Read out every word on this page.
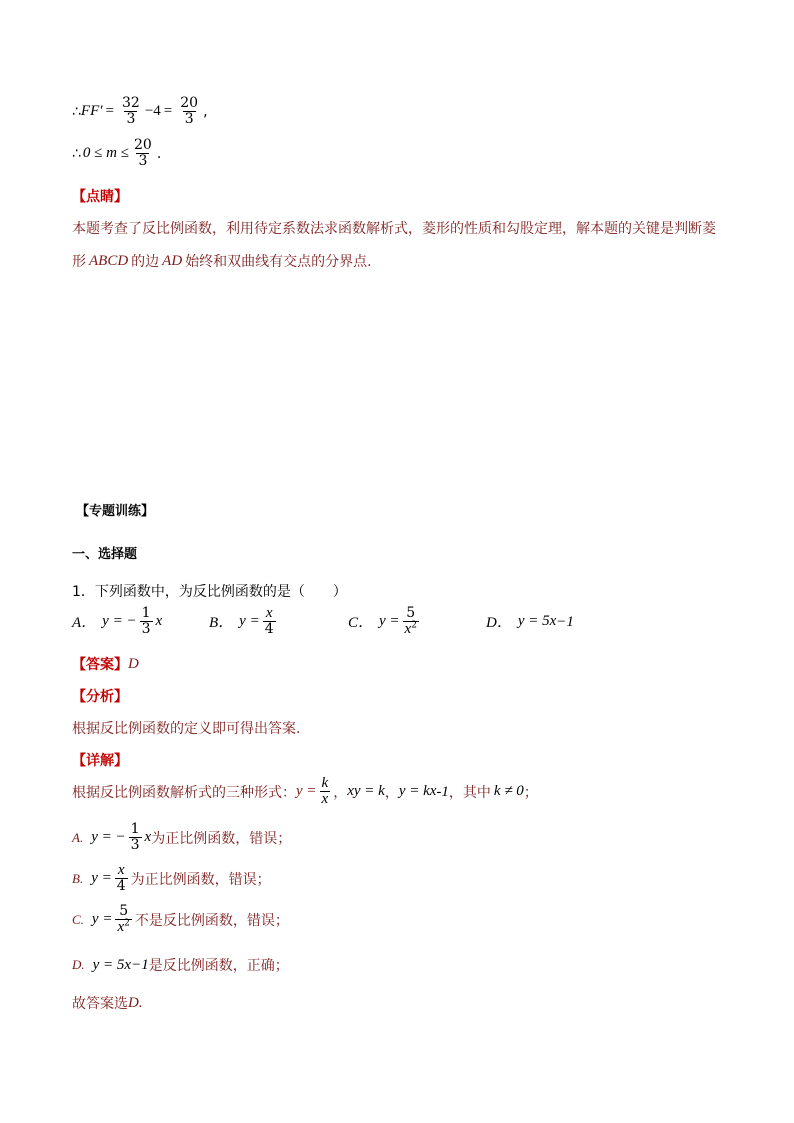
∴ $FF' = \frac{32}{3} -4 = \frac{20}{3}$ ,
∴ $0 \le m \le \frac{20}{3}$ .
【点睛】
本题考查了反比例函数，利用待定系数法求函数解析式，菱形的性质和勾股定理，解本题的关键是判断菱
形 ABCD 的边 AD 始终和双曲线有交点的分界点.
【专题训练】
一、选择题
1．下列函数中，为反比例函数的是（　　）
A． y = − $\frac{1}{3}$ x	B． $y = \frac{x}{4}$	C． $y = \frac{5}{x^2}$	D． y = 5x −1
【答案】 D
【分析】
根据反比例函数的定义即可得出答案.
【详解】
根据反比例函数解析式的三种形式： $y = \frac{k}{x}$ ， xy = k ， y = kx -1 ，其中 k ≠ 0 ；
A. y = − $\frac{1}{3}$ x 为正比例函数，错误；
B. $y = \frac{x}{4}$ 为正比例函数，错误；
C. $y = \frac{5}{x^2}$ 不是反比例函数，错误；
D. y = 5x −1 是反比例函数，正确；
故答案选 D.
